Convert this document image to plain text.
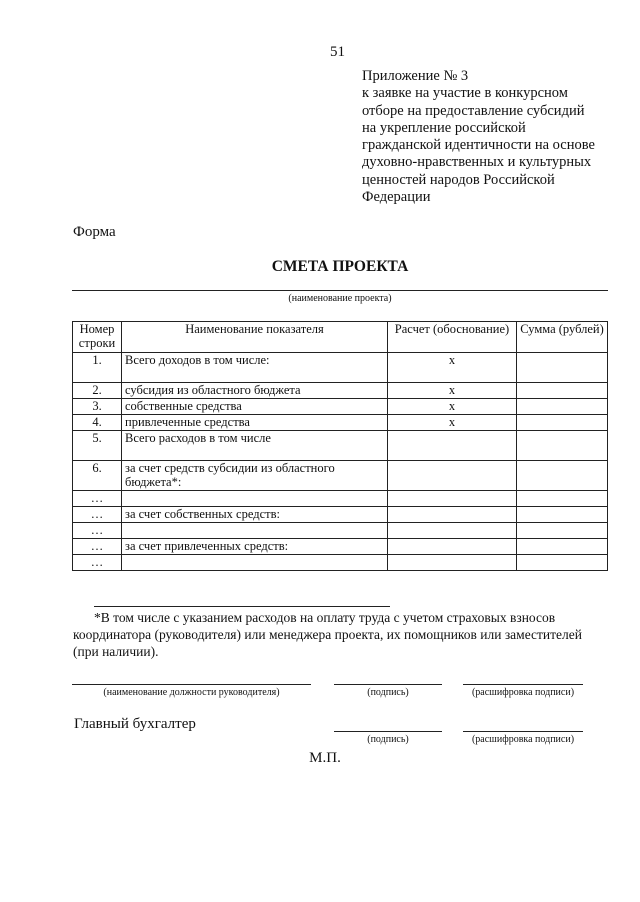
51
Приложение № 3
к заявке на участие в конкурсном
отборе на предоставление субсидий
на укрепление российской
гражданской идентичности на основе
духовно-нравственных и культурных
ценностей народов Российской
Федерации
Форма
СМЕТА ПРОЕКТА
(наименование проекта)
Номер строки	Наименование показателя	Расчет (обоснование)	Сумма (рублей)
1.	Всего доходов в том числе:	х	
2.	субсидия из областного бюджета	х	
3.	собственные средства	х	
4.	привлеченные средства	х	
5.	Всего расходов в том числе		
6.	за счет средств субсидии из областного бюджета*:		
…			
…	за счет собственных средств:		
…			
…	за счет привлеченных средств:		
…			
*В том числе с указанием расходов на оплату труда с учетом страховых взносов
координатора (руководителя) или менеджера проекта, их помощников или заместителей (при наличии).
(наименование должности руководителя)	(подпись)	(расшифровка подписи)
Главный бухгалтер
(подпись)	(расшифровка подписи)
М.П.
